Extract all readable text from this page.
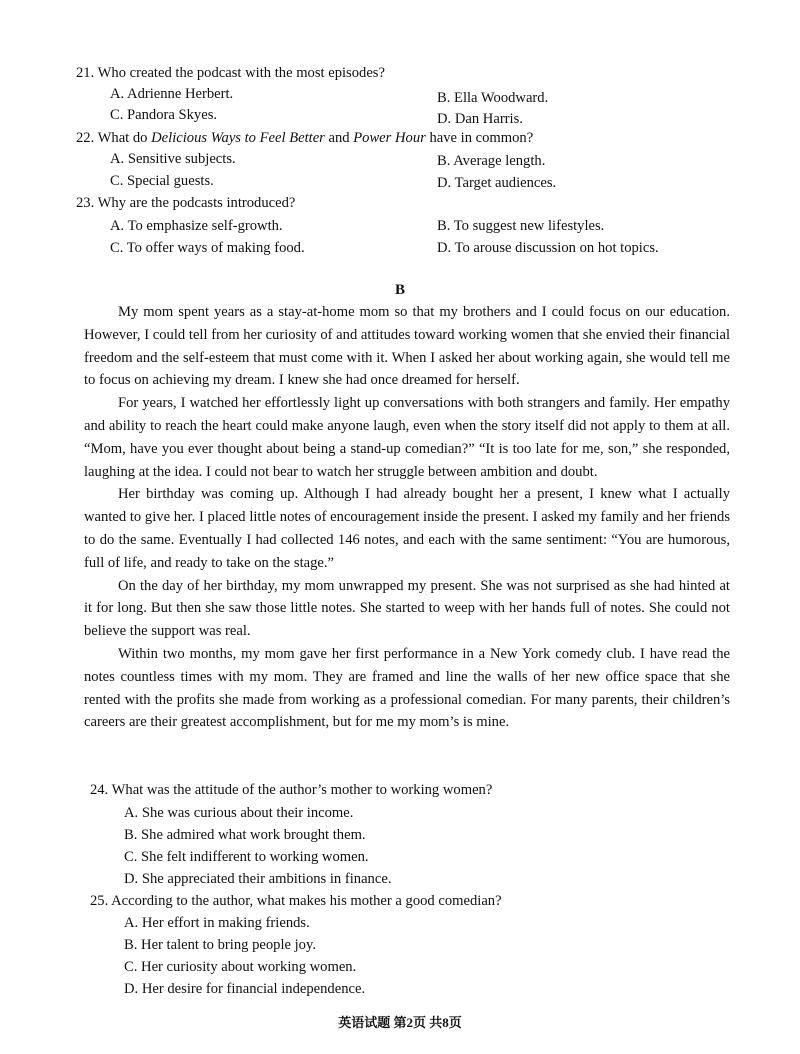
21. Who created the podcast with the most episodes?
A. Adrienne Herbert.	B. Ella Woodward.
C. Pandora Skyes.	D. Dan Harris.
22. What do Delicious Ways to Feel Better and Power Hour have in common?
A. Sensitive subjects.	B. Average length.
C. Special guests.	D. Target audiences.
23. Why are the podcasts introduced?
A. To emphasize self-growth.	B. To suggest new lifestyles.
C. To offer ways of making food.	D. To arouse discussion on hot topics.
B

My mom spent years as a stay-at-home mom so that my brothers and I could focus on our education. However, I could tell from her curiosity of and attitudes toward working women that she envied their financial freedom and the self-esteem that must come with it. When I asked her about working again, she would tell me to focus on achieving my dream. I knew she had once dreamed for herself.

For years, I watched her effortlessly light up conversations with both strangers and family. Her empathy and ability to reach the heart could make anyone laugh, even when the story itself did not apply to them at all. “Mom, have you ever thought about being a stand-up comedian?” “It is too late for me, son,” she responded, laughing at the idea. I could not bear to watch her struggle between ambition and doubt.

Her birthday was coming up. Although I had already bought her a present, I knew what I actually wanted to give her. I placed little notes of encouragement inside the present. I asked my family and her friends to do the same. Eventually I had collected 146 notes, and each with the same sentiment: “You are humorous, full of life, and ready to take on the stage.”

On the day of her birthday, my mom unwrapped my present. She was not surprised as she had hinted at it for long. But then she saw those little notes. She started to weep with her hands full of notes. She could not believe the support was real.

Within two months, my mom gave her first performance in a New York comedy club. I have read the notes countless times with my mom. They are framed and line the walls of her new office space that she rented with the profits she made from working as a professional comedian. For many parents, their children’s careers are their greatest accomplishment, but for me my mom’s is mine.

24. What was the attitude of the author’s mother to working women?
A. She was curious about their income.
B. She admired what work brought them.
C. She felt indifferent to working women.
D. She appreciated their ambitions in finance.
25. According to the author, what makes his mother a good comedian?
A. Her effort in making friends.
B. Her talent to bring people joy.
C. Her curiosity about working women.
D. Her desire for financial independence.
英语试题 第2页 共8页
